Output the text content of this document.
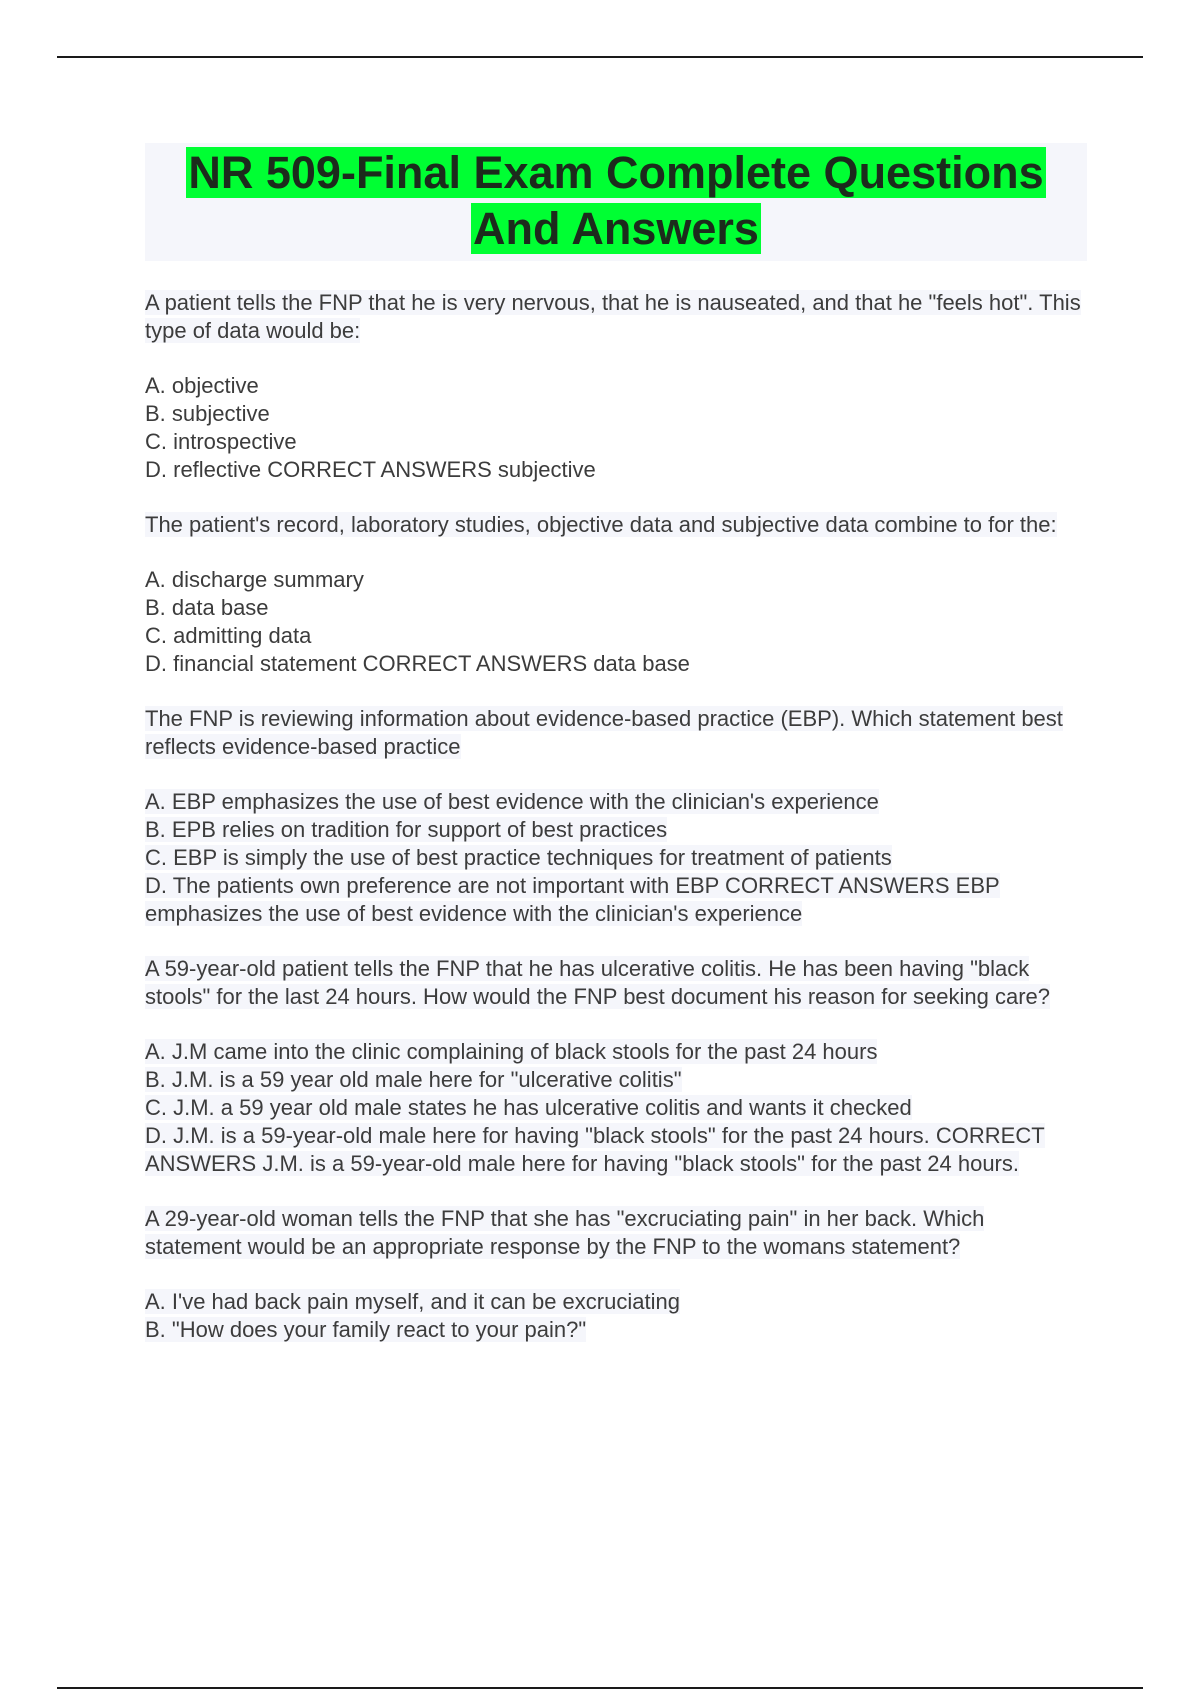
NR 509-Final Exam Complete Questions And Answers
A patient tells the FNP that he is very nervous, that he is nauseated, and that he "feels hot". This type of data would be:
A. objective
B. subjective
C. introspective
D. reflective CORRECT ANSWERS subjective
The patient's record, laboratory studies, objective data and subjective data combine to for the:
A. discharge summary
B. data base
C. admitting data
D. financial statement CORRECT ANSWERS data base
The FNP is reviewing information about evidence-based practice (EBP). Which statement best reflects evidence-based practice
A. EBP emphasizes the use of best evidence with the clinician's experience
B. EPB relies on tradition for support of best practices
C. EBP is simply the use of best practice techniques for treatment of patients
D. The patients own preference are not important with EBP CORRECT ANSWERS EBP emphasizes the use of best evidence with the clinician's experience
A 59-year-old patient tells the FNP that he has ulcerative colitis. He has been having "black stools" for the last 24 hours. How would the FNP best document his reason for seeking care?
A. J.M came into the clinic complaining of black stools for the past 24 hours
B. J.M. is a 59 year old male here for "ulcerative colitis"
C. J.M. a 59 year old male states he has ulcerative colitis and wants it checked
D. J.M. is a 59-year-old male here for having "black stools" for the past 24 hours. CORRECT ANSWERS J.M. is a 59-year-old male here for having "black stools" for the past 24 hours.
A 29-year-old woman tells the FNP that she has "excruciating pain" in her back. Which statement would be an appropriate response by the FNP to the womans statement?
A. I've had back pain myself, and it can be excruciating
B. "How does your family react to your pain?"
